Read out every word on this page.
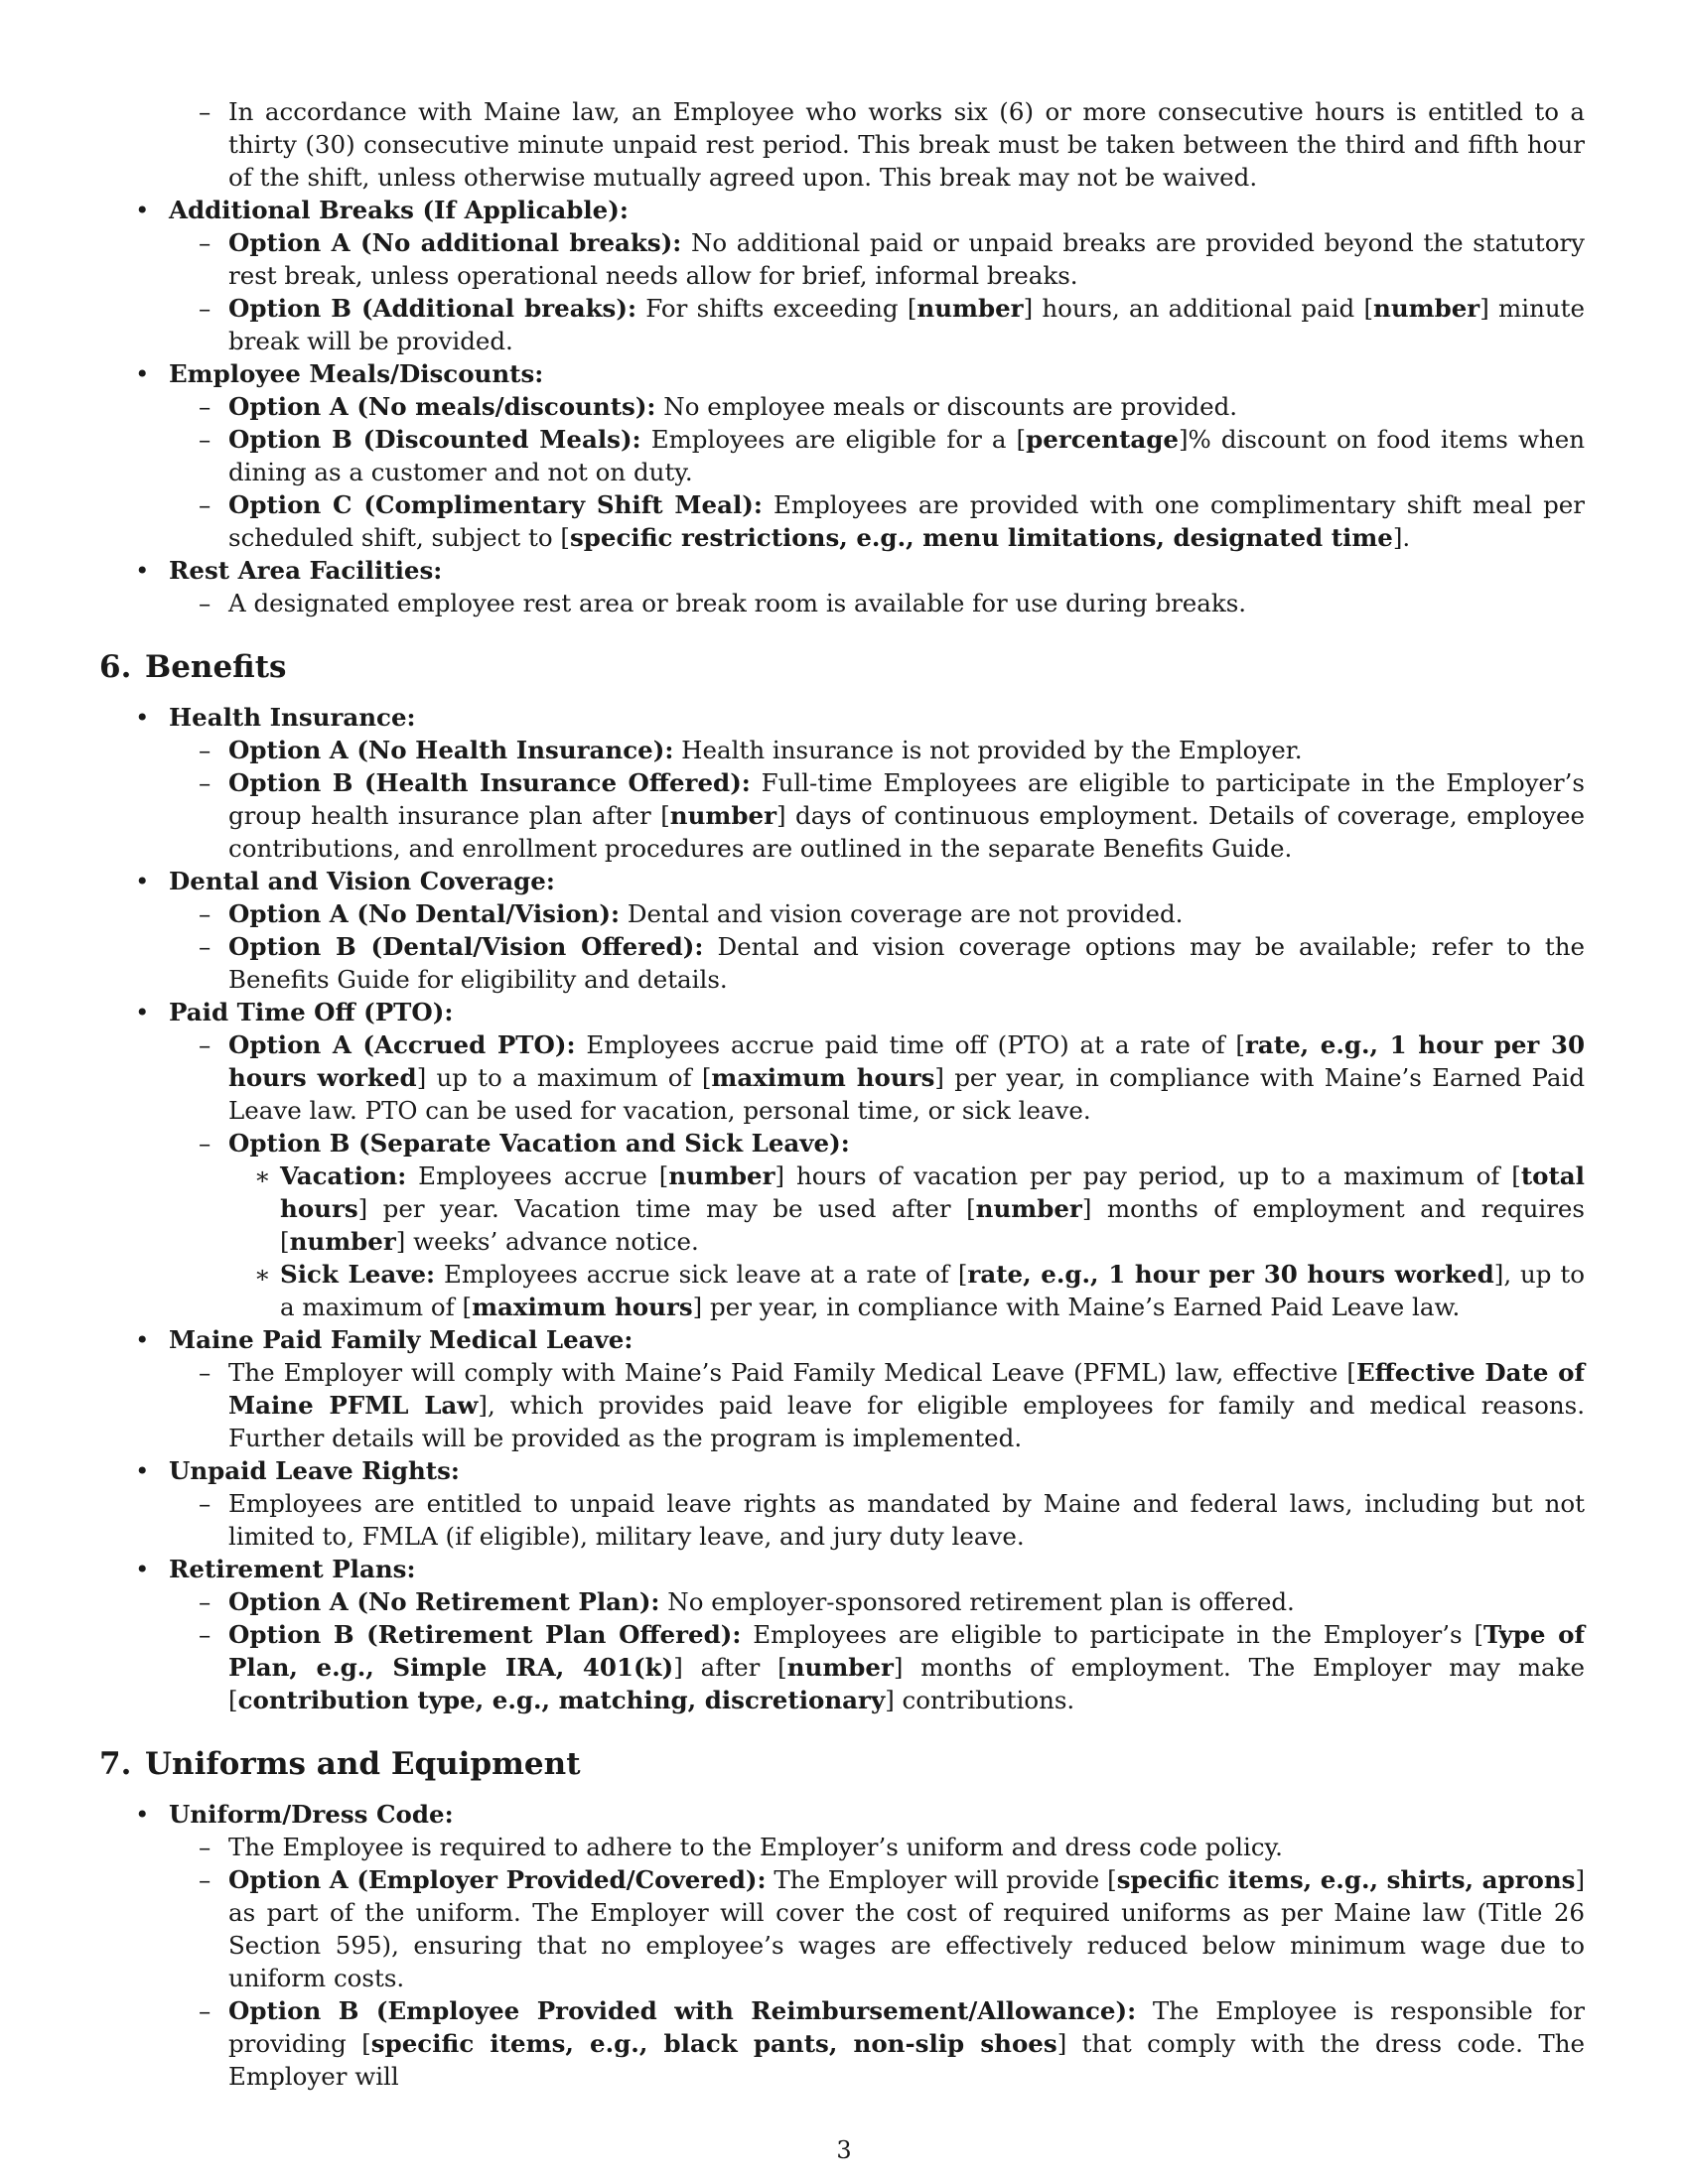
– In accordance with Maine law, an Employee who works six (6) or more consecutive hours is entitled to a thirty (30) consecutive minute unpaid rest period. This break must be taken between the third and fifth hour of the shift, unless otherwise mutually agreed upon. This break may not be waived.

• Additional Breaks (If Applicable):

– Option A (No additional breaks): No additional paid or unpaid breaks are provided beyond the statutory rest break, unless operational needs allow for brief, informal breaks.

– Option B (Additional breaks): For shifts exceeding [number] hours, an additional paid [number] minute break will be provided.

• Employee Meals/Discounts:

– Option A (No meals/discounts): No employee meals or discounts are provided.

– Option B (Discounted Meals): Employees are eligible for a [percentage]% discount on food items when dining as a customer and not on duty.

– Option C (Complimentary Shift Meal): Employees are provided with one complimentary shift meal per scheduled shift, subject to [specific restrictions, e.g., menu limitations, designated time].

• Rest Area Facilities:

– A designated employee rest area or break room is available for use during breaks.

6. Benefits
• Health Insurance:

– Option A (No Health Insurance): Health insurance is not provided by the Employer.

– Option B (Health Insurance Offered): Full-time Employees are eligible to participate in the Employer’s group health insurance plan after [number] days of continuous employment. Details of coverage, employee contributions, and enrollment procedures are outlined in the separate Benefits Guide.

• Dental and Vision Coverage:

– Option A (No Dental/Vision): Dental and vision coverage are not provided.

– Option B (Dental/Vision Offered): Dental and vision coverage options may be available; refer to the Benefits Guide for eligibility and details.

• Paid Time Off (PTO):

– Option A (Accrued PTO): Employees accrue paid time off (PTO) at a rate of [rate, e.g., 1 hour per 30 hours worked] up to a maximum of [maximum hours] per year, in compliance with Maine’s Earned Paid Leave law. PTO can be used for vacation, personal time, or sick leave.

– Option B (Separate Vacation and Sick Leave):

∗ Vacation: Employees accrue [number] hours of vacation per pay period, up to a maximum of [total hours] per year. Vacation time may be used after [number] months of employment and requires [number] weeks’ advance notice.

∗ Sick Leave: Employees accrue sick leave at a rate of [rate, e.g., 1 hour per 30 hours worked], up to a maximum of [maximum hours] per year, in compliance with Maine’s Earned Paid Leave law.

• Maine Paid Family Medical Leave:

– The Employer will comply with Maine’s Paid Family Medical Leave (PFML) law, effective [Effective Date of Maine PFML Law], which provides paid leave for eligible employees for family and medical reasons. Further details will be provided as the program is implemented.

• Unpaid Leave Rights:

– Employees are entitled to unpaid leave rights as mandated by Maine and federal laws, including but not limited to, FMLA (if eligible), military leave, and jury duty leave.

• Retirement Plans:

– Option A (No Retirement Plan): No employer-sponsored retirement plan is offered.

– Option B (Retirement Plan Offered): Employees are eligible to participate in the Employer’s [Type of Plan, e.g., Simple IRA, 401(k)] after [number] months of employment. The Employer may make [contribution type, e.g., matching, discretionary] contributions.

7. Uniforms and Equipment
• Uniform/Dress Code:

– The Employee is required to adhere to the Employer’s uniform and dress code policy.

– Option A (Employer Provided/Covered): The Employer will provide [specific items, e.g., shirts, aprons] as part of the uniform. The Employer will cover the cost of required uniforms as per Maine law (Title 26 Section 595), ensuring that no employee’s wages are effectively reduced below minimum wage due to uniform costs.

– Option B (Employee Provided with Reimbursement/Allowance): The Employee is responsible for providing [specific items, e.g., black pants, non-slip shoes] that comply with the dress code. The Employer will

3
